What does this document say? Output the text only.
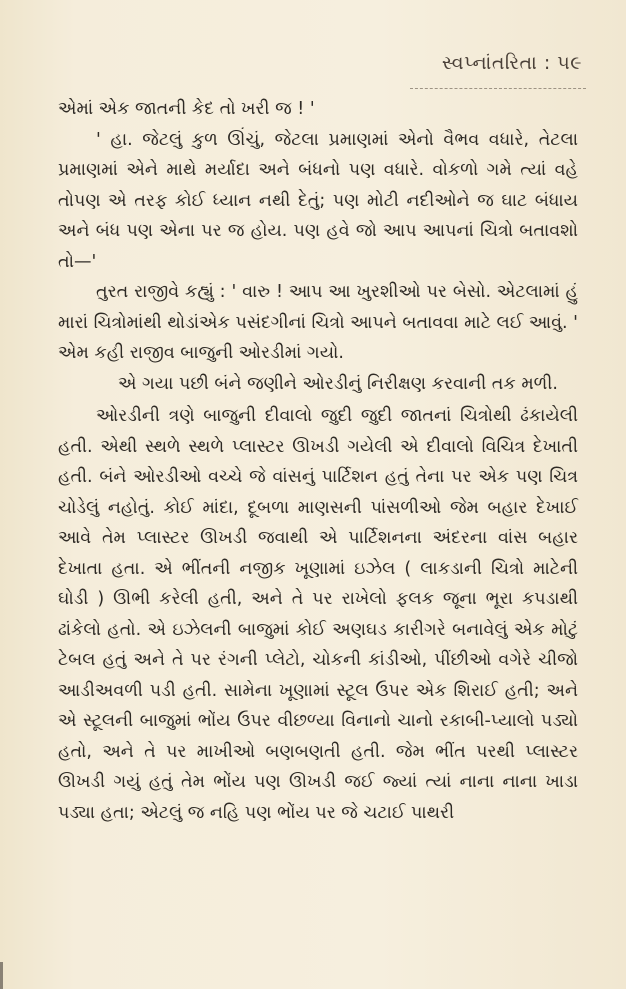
સ્વપ્નાંતરિતા : ૫૯

એમાં એક જાતની કેદ તો ખરી જ ! '

' હા. જેટલું કુળ ઊંચું, જેટલા પ્રમાણમાં એનો વૈભવ વધારે, તેટલા પ્રમાણમાં એને માથે મર્યાદા અને બંધનો પણ વધારે. વોકળો ગમે ત્યાં વહે તોપણ એ તરફ કોઈ ધ્યાન નથી દેતું; પણ મોટી નદીઓને જ ઘાટ બંધાય અને બંધ પણ એના પર જ હોય. પણ હવે જો આપ આપનાં ચિત્રો બતાવશો તો—'

તુરત રાજીવે કહ્યું : ' વારુ ! આપ આ ખુરશીઓ પર બેસો. એટલામાં હું મારાં ચિત્રોમાંથી થોડાંએક પસંદગીનાં ચિત્રો આપને બતાવવા માટે લઈ આવું. ' એમ કહી રાજીવ બાજુની ઓરડીમાં ગયો.

એ ગયા પછી બંને જણીને ઓરડીનું નિરીક્ષણ કરવાની તક મળી.

ઓરડીની ત્રણે બાજુની દીવાલો જુદી જુદી જાતનાં ચિત્રોથી ઢંકાયેલી હતી. એથી સ્થળે સ્થળે પ્લાસ્ટર ઊખડી ગયેલી એ દીવાલો વિચિત્ર દેખાતી હતી. બંને ઓરડીઓ વચ્ચે જે વાંસનું પાર્ટિશન હતું તેના પર એક પણ ચિત્ર ચોડેલું નહોતું. કોઈ માંદા, દૂબળા માણસની પાંસળીઓ જેમ બહાર દેખાઈ આવે તેમ પ્લાસ્ટર ઊખડી જવાથી એ પાર્ટિશનના અંદરના વાંસ બહાર દેખાતા હતા. એ ભીંતની નજીક ખૂણામાં ઇઝેલ ( લાકડાની ચિત્રો માટેની ઘોડી ) ઊભી કરેલી હતી, અને તે પર રાખેલો ફલક જૂના ભૂરા કપડાથી ઢાંકેલો હતો. એ ઇઝેલની બાજુમાં કોઈ અણઘડ કારીગરે બનાવેલું એક મોટું ટેબલ હતું અને તે પર રંગની પ્લેટો, ચોકની કાંડીઓ, પીંછીઓ વગેરે ચીજો આડીઅવળી પડી હતી. સામેના ખૂણામાં સ્ટૂલ ઉપર એક શિરાઈ હતી; અને એ સ્ટૂલની બાજુમાં ભોંય ઉપર વીછળ્યા વિનાનો ચાનો રકાબી-પ્યાલો પડ્યો હતો, અને તે પર માખીઓ બણબણતી હતી. જેમ ભીંત પરથી પ્લાસ્ટર ઊખડી ગયું હતું તેમ ભોંય પણ ઊખડી જઈ જ્યાં ત્યાં નાના નાના ખાડા પડ્યા હતા; એટલું જ નહિ પણ ભોંય પર જે ચટાઈ પાથરી
